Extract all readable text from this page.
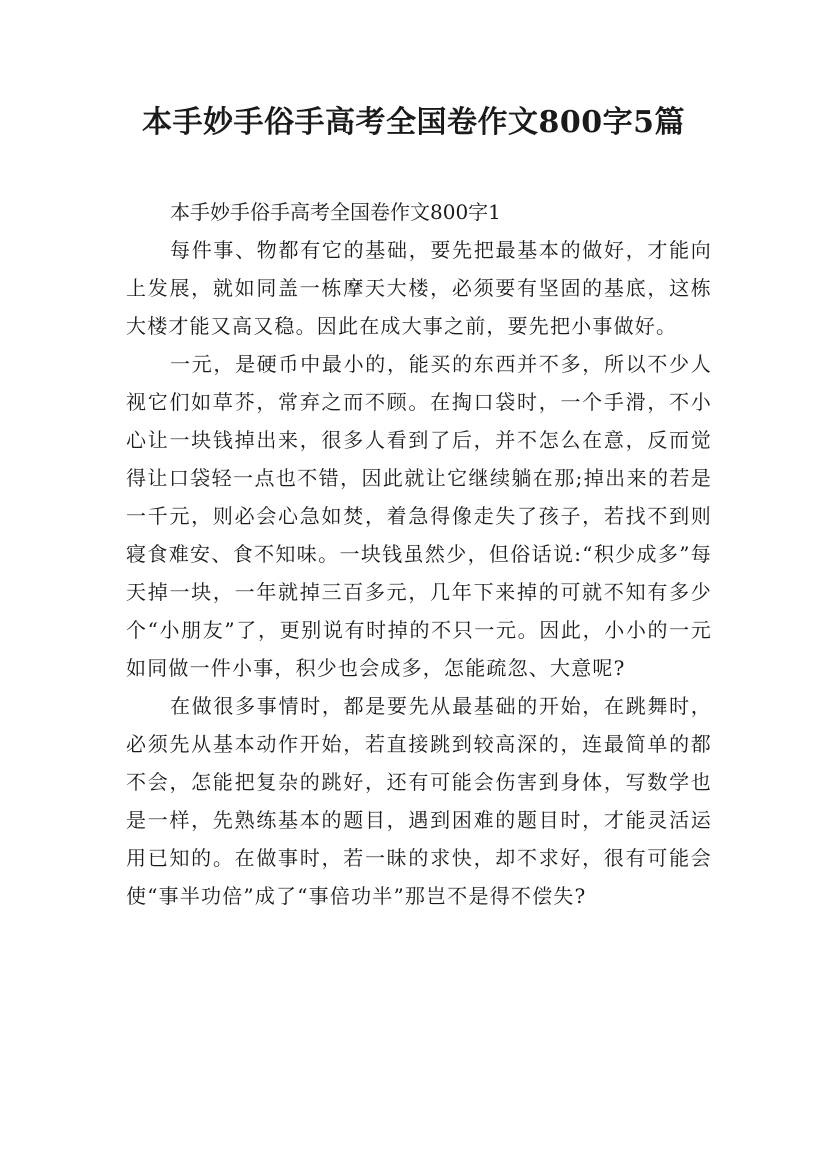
本手妙手俗手高考全国卷作文800字5篇

本手妙手俗手高考全国卷作文800字1

每件事、物都有它的基础，要先把最基本的做好，才能向上发展，就如同盖一栋摩天大楼，必须要有坚固的基底，这栋大楼才能又高又稳。因此在成大事之前，要先把小事做好。

一元，是硬币中最小的，能买的东西并不多，所以不少人视它们如草芥，常弃之而不顾。在掏口袋时，一个手滑，不小心让一块钱掉出来，很多人看到了后，并不怎么在意，反而觉得让口袋轻一点也不错，因此就让它继续躺在那;掉出来的若是一千元，则必会心急如焚，着急得像走失了孩子，若找不到则寝食难安、食不知味。一块钱虽然少，但俗话说:“积少成多”每天掉一块，一年就掉三百多元，几年下来掉的可就不知有多少个“小朋友”了，更别说有时掉的不只一元。因此，小小的一元如同做一件小事，积少也会成多，怎能疏忽、大意呢?

在做很多事情时，都是要先从最基础的开始，在跳舞时，必须先从基本动作开始，若直接跳到较高深的，连最简单的都不会，怎能把复杂的跳好，还有可能会伤害到身体，写数学也是一样，先熟练基本的题目，遇到困难的题目时，才能灵活运用已知的。在做事时，若一昧的求快，却不求好，很有可能会使“事半功倍”成了“事倍功半”那岂不是得不偿失?
